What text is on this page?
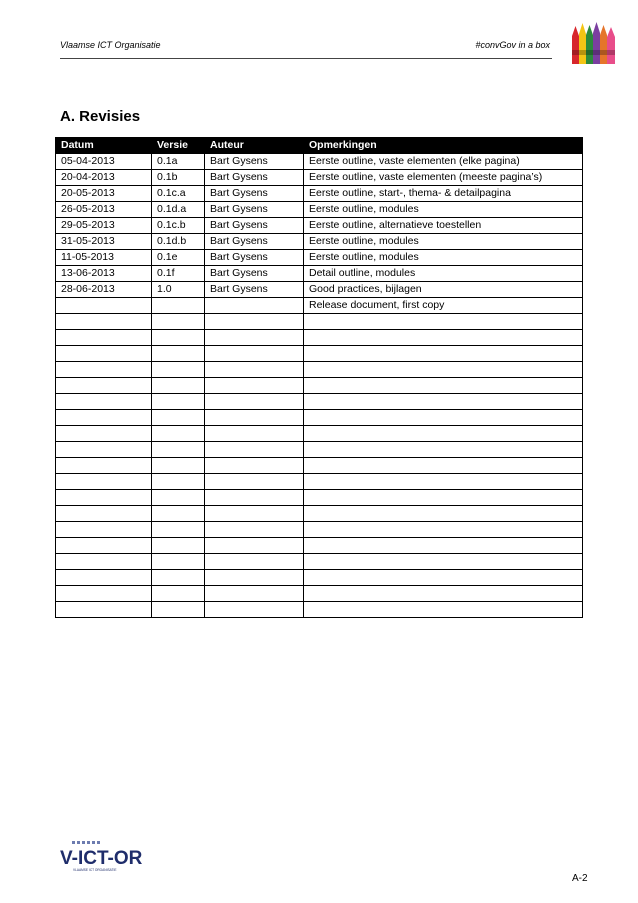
Vlaamse ICT Organisatie	#convGov in a box
A. Revisies
Datum	Versie	Auteur	Opmerkingen
05-04-2013	0.1a	Bart Gysens	Eerste outline, vaste elementen (elke pagina)
20-04-2013	0.1b	Bart Gysens	Eerste outline, vaste elementen (meeste pagina’s)
20-05-2013	0.1c.a	Bart Gysens	Eerste outline, start-, thema- & detailpagina
26-05-2013	0.1d.a	Bart Gysens	Eerste outline, modules
29-05-2013	0.1c.b	Bart Gysens	Eerste outline, alternatieve toestellen
31-05-2013	0.1d.b	Bart Gysens	Eerste outline, modules
11-05-2013	0.1e	Bart Gysens	Eerste outline, modules
13-06-2013	0.1f	Bart Gysens	Detail outline, modules
28-06-2013	1.0	Bart Gysens	Good practices, bijlagen
			Release document, first copy

V-ICT-OR
VLAAMSE ICT ORGANISATIE
A-2
